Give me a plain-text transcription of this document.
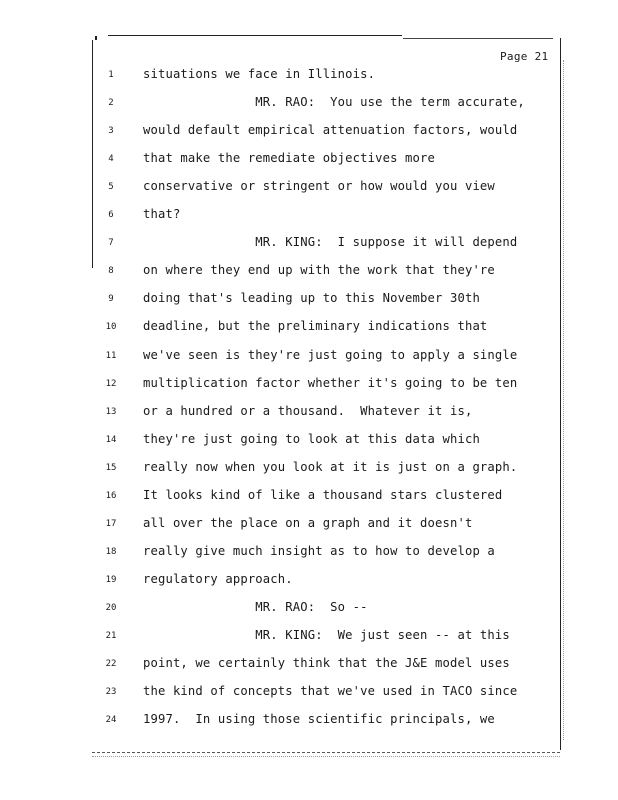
Page 21
1	situations we face in Illinois.
2	MR. RAO:  You use the term accurate,
3	would default empirical attenuation factors, would
4	that make the remediate objectives more
5	conservative or stringent or how would you view
6	that?
7	MR. KING:  I suppose it will depend
8	on where they end up with the work that they're
9	doing that's leading up to this November 30th
10	deadline, but the preliminary indications that
11	we've seen is they're just going to apply a single
12	multiplication factor whether it's going to be ten
13	or a hundred or a thousand.  Whatever it is,
14	they're just going to look at this data which
15	really now when you look at it is just on a graph.
16	It looks kind of like a thousand stars clustered
17	all over the place on a graph and it doesn't
18	really give much insight as to how to develop a
19	regulatory approach.
20	MR. RAO:  So --
21	MR. KING:  We just seen -- at this
22	point, we certainly think that the J&E model uses
23	the kind of concepts that we've used in TACO since
24	1997.  In using those scientific principals, we
